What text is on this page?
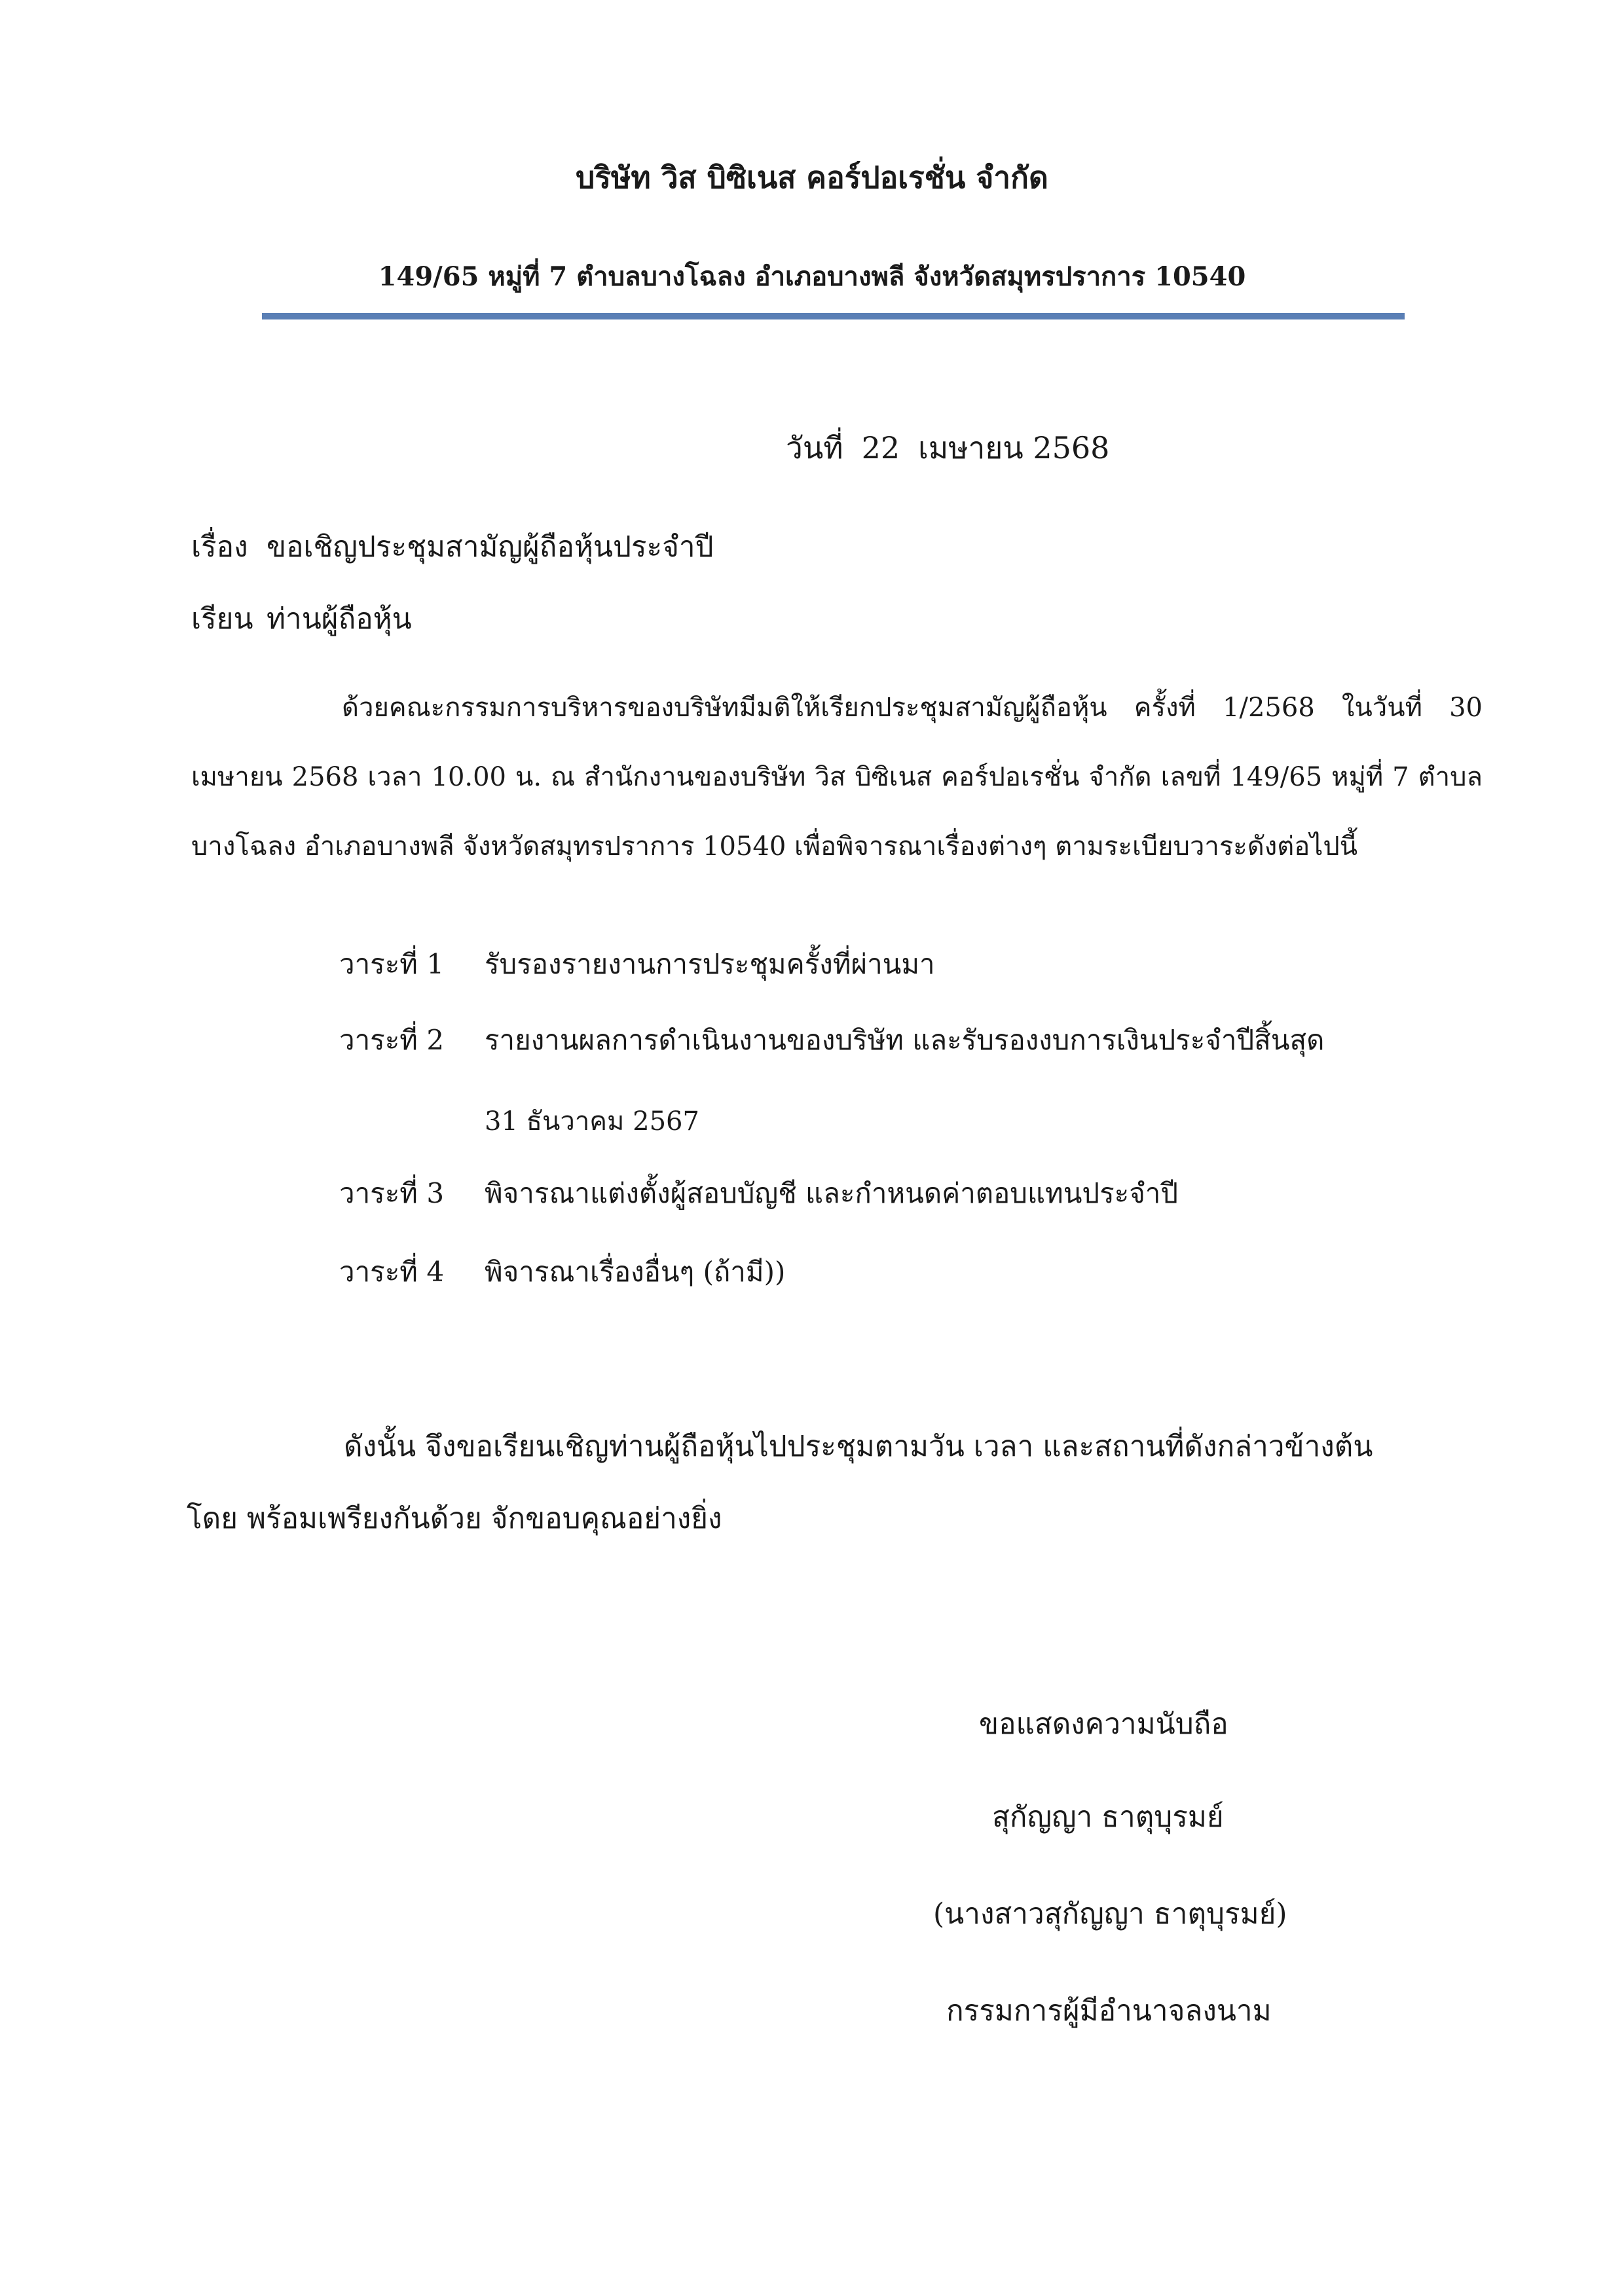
บริษัท วิส บิซิเนส คอร์ปอเรชั่น จำกัด
149/65 หมู่ที่ 7 ตำบลบางโฉลง อำเภอบางพลี จังหวัดสมุทรปราการ 10540
วันที่ 22 เมษายน 2568
เรื่อง ขอเชิญประชุมสามัญผู้ถือหุ้นประจำปี
เรียน ท่านผู้ถือหุ้น
ด้วยคณะกรรมการบริหารของบริษัทมีมติให้เรียกประชุมสามัญผู้ถือหุ้น ครั้งที่ 1/2568 ในวันที่ 30 เมษายน 2568 เวลา 10.00 น. ณ สำนักงานของบริษัท วิส บิซิเนส คอร์ปอเรชั่น จำกัด เลขที่ 149/65 หมู่ที่ 7 ตำบลบางโฉลง อำเภอบางพลี จังหวัดสมุทรปราการ 10540 เพื่อพิจารณาเรื่องต่างๆ ตามระเบียบวาระดังต่อไปนี้
วาระที่ 1 รับรองรายงานการประชุมครั้งที่ผ่านมา
วาระที่ 2 รายงานผลการดำเนินงานของบริษัท และรับรองงบการเงินประจำปีสิ้นสุด
31 ธันวาคม 2567
วาระที่ 3 พิจารณาแต่งตั้งผู้สอบบัญชี และกำหนดค่าตอบแทนประจำปี
วาระที่ 4 พิจารณาเรื่องอื่นๆ (ถ้ามี))
ดังนั้น จึงขอเรียนเชิญท่านผู้ถือหุ้นไปประชุมตามวัน เวลา และสถานที่ดังกล่าวข้างต้นโดย พร้อมเพรียงกันด้วย จักขอบคุณอย่างยิ่ง
ขอแสดงความนับถือ
สุกัญญา ธาตุบุรมย์
(นางสาวสุกัญญา ธาตุบุรมย์)
กรรมการผู้มีอำนาจลงนาม
